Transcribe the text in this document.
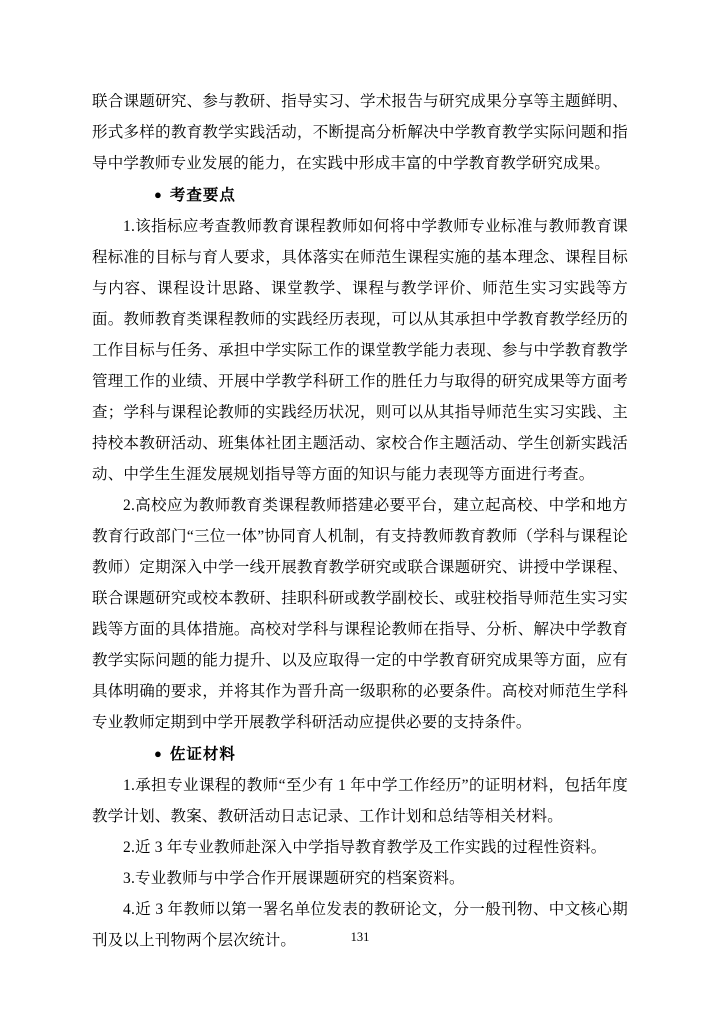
联合课题研究、参与教研、指导实习、学术报告与研究成果分享等主题鲜明、形式多样的教育教学实践活动，不断提高分析解决中学教育教学实际问题和指导中学教师专业发展的能力，在实践中形成丰富的中学教育教学研究成果。

● 考查要点

1.该指标应考查教师教育课程教师如何将中学教师专业标准与教师教育课程标准的目标与育人要求，具体落实在师范生课程实施的基本理念、课程目标与内容、课程设计思路、课堂教学、课程与教学评价、师范生实习实践等方面。教师教育类课程教师的实践经历表现，可以从其承担中学教育教学经历的工作目标与任务、承担中学实际工作的课堂教学能力表现、参与中学教育教学管理工作的业绩、开展中学教学科研工作的胜任力与取得的研究成果等方面考查；学科与课程论教师的实践经历状况，则可以从其指导师范生实习实践、主持校本教研活动、班集体社团主题活动、家校合作主题活动、学生创新实践活动、中学生生涯发展规划指导等方面的知识与能力表现等方面进行考查。

2.高校应为教师教育类课程教师搭建必要平台，建立起高校、中学和地方教育行政部门“三位一体”协同育人机制，有支持教师教育教师（学科与课程论教师）定期深入中学一线开展教育教学研究或联合课题研究、讲授中学课程、联合课题研究或校本教研、挂职科研或教学副校长、或驻校指导师范生实习实践等方面的具体措施。高校对学科与课程论教师在指导、分析、解决中学教育教学实际问题的能力提升、以及应取得一定的中学教育研究成果等方面，应有具体明确的要求，并将其作为晋升高一级职称的必要条件。高校对师范生学科专业教师定期到中学开展教学科研活动应提供必要的支持条件。

● 佐证材料

1.承担专业课程的教师“至少有 1 年中学工作经历”的证明材料，包括年度教学计划、教案、教研活动日志记录、工作计划和总结等相关材料。

2.近 3 年专业教师赴深入中学指导教育教学及工作实践的过程性资料。

3.专业教师与中学合作开展课题研究的档案资料。

4.近 3 年教师以第一署名单位发表的教研论文，分一般刊物、中文核心期刊及以上刊物两个层次统计。	131
